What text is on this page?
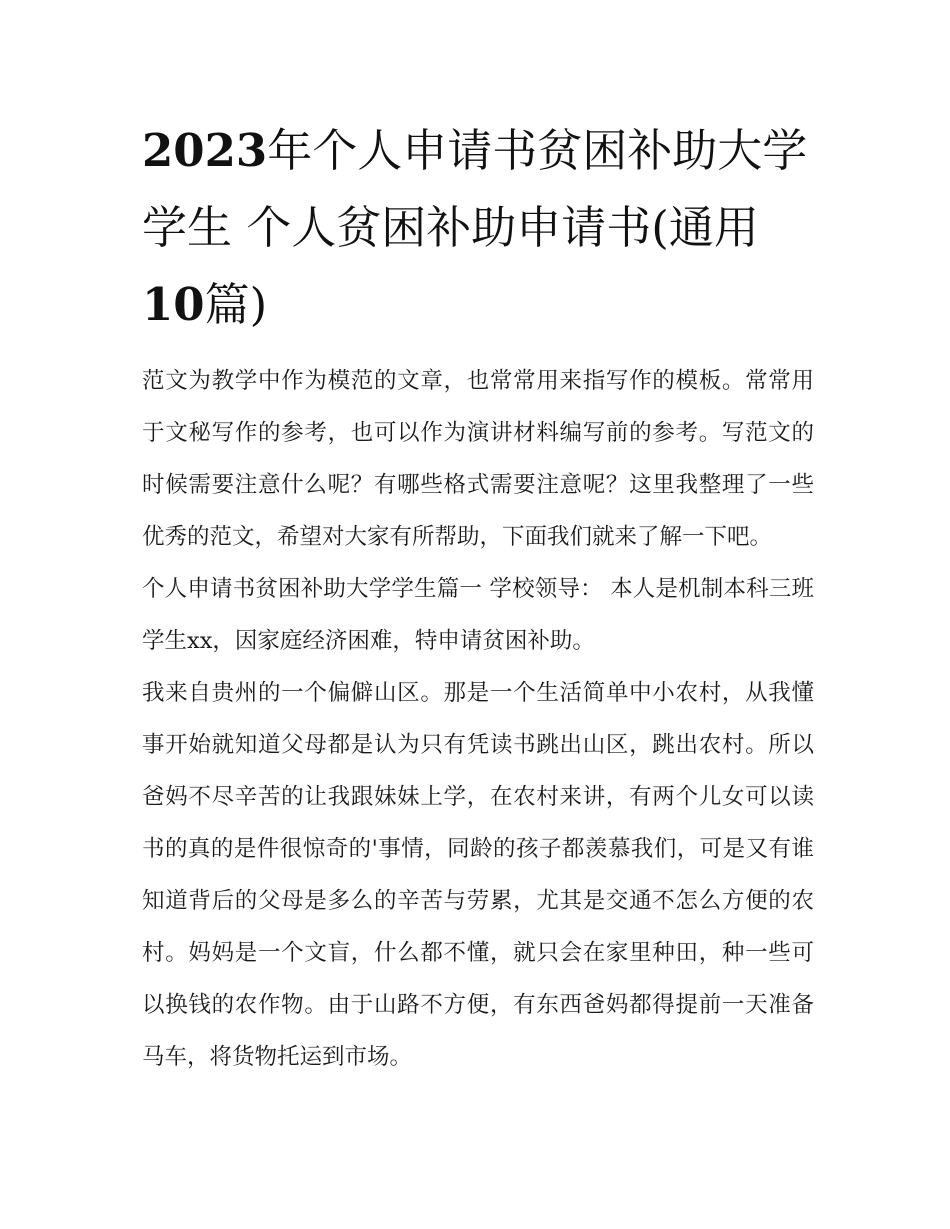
2023年个人申请书贫困补助大学学生 个人贫困补助申请书(通用10篇)

范文为教学中作为模范的文章，也常常用来指写作的模板。常常用于文秘写作的参考，也可以作为演讲材料编写前的参考。写范文的时候需要注意什么呢？有哪些格式需要注意呢？这里我整理了一些优秀的范文，希望对大家有所帮助，下面我们就来了解一下吧。

个人申请书贫困补助大学学生篇一 学校领导： 本人是机制本科三班学生xx，因家庭经济困难，特申请贫困补助。

我来自贵州的一个偏僻山区。那是一个生活简单中小农村，从我懂事开始就知道父母都是认为只有凭读书跳出山区，跳出农村。所以爸妈不尽辛苦的让我跟妹妹上学，在农村来讲，有两个儿女可以读书的真的是件很惊奇的'事情，同龄的孩子都羡慕我们，可是又有谁知道背后的父母是多么的辛苦与劳累，尤其是交通不怎么方便的农村。妈妈是一个文盲，什么都不懂，就只会在家里种田，种一些可以换钱的农作物。由于山路不方便，有东西爸妈都得提前一天准备马车，将货物托运到市场。
